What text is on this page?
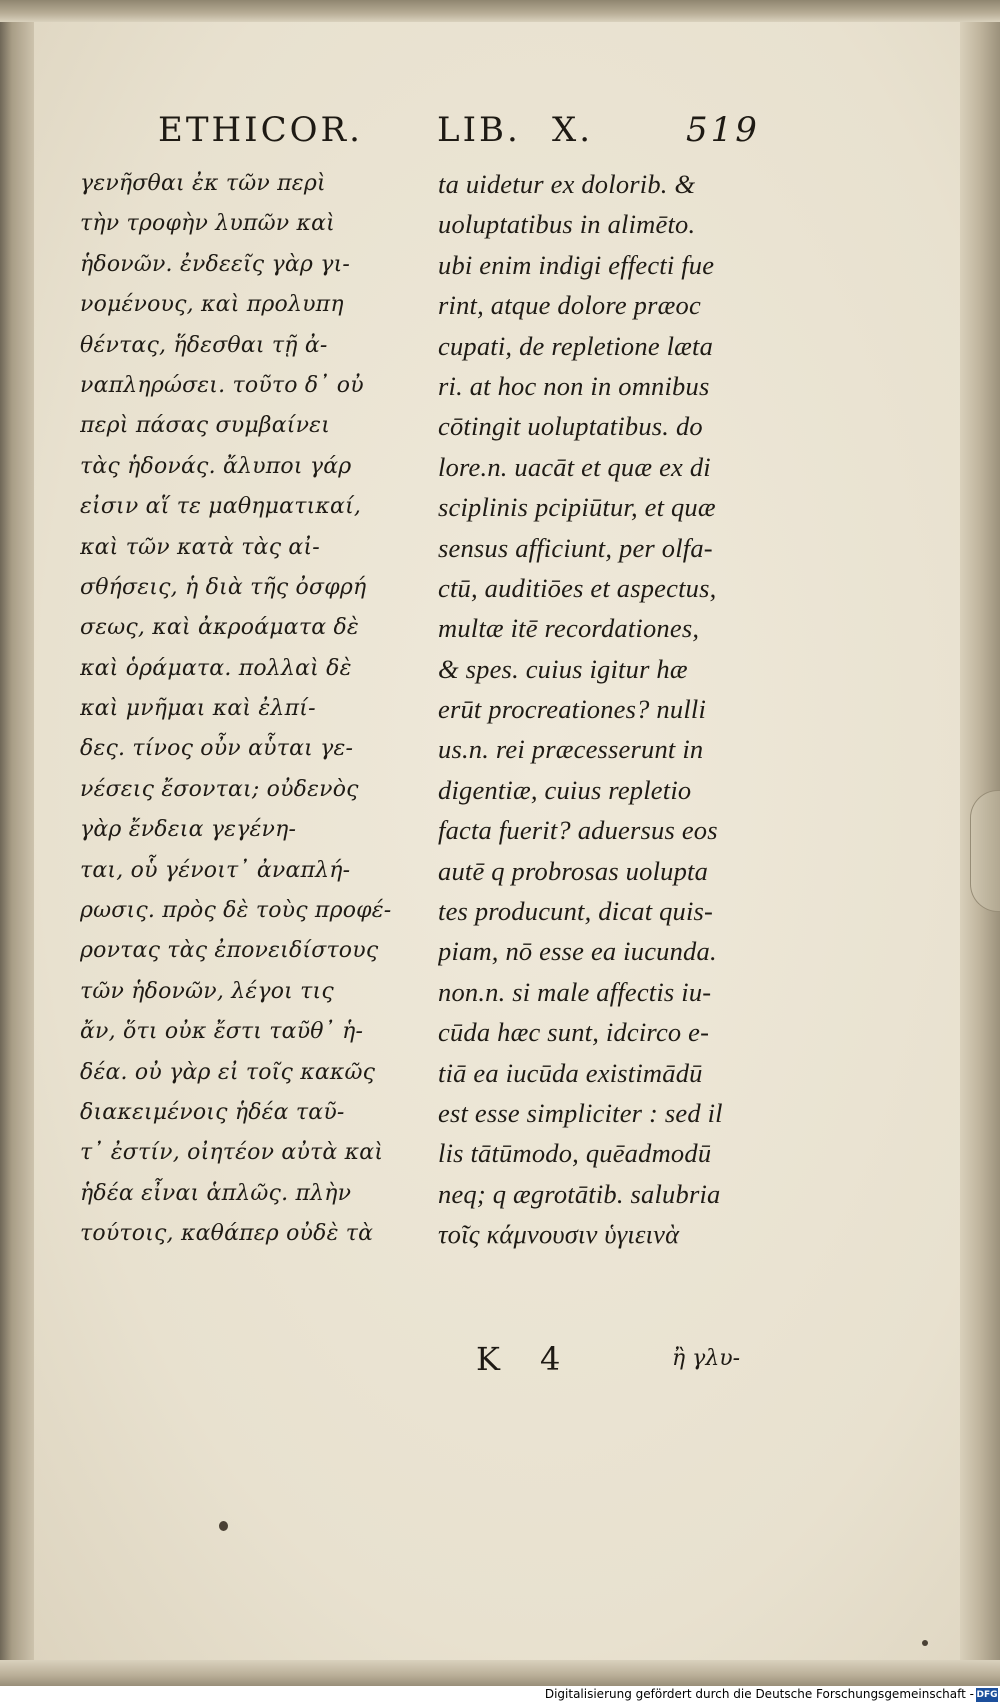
ETHICOR. LIB. X.	519
γενῆσθαι ἐκ τῶν περὶ
τὴν τροφὴν λυπῶν καὶ
ἡδονῶν. ἐνδεεῖς γὰρ γι-
νομένους, καὶ προλυπη
θέντας, ἥδεσθαι τῇ ἀ-
ναπληρώσει. τοῦτο δ᾽ οὐ
περὶ πάσας συμβαίνει
τὰς ἡδονάς. ἄλυποι γάρ
εἰσιν αἵ τε μαθηματικαί,
καὶ τῶν κατὰ τὰς αἰ-
σθήσεις, ἡ διὰ τῆς ὀσφρή
σεως, καὶ ἀκροάματα δὲ
καὶ ὁράματα. πολλαὶ δὲ
καὶ μνῆμαι καὶ ἐλπί-
δες. τίνος οὖν αὗται γε-
νέσεις ἔσονται; οὐδενὸς
γὰρ ἔνδεια γεγένη-
ται, οὗ γένοιτ᾽ ἀναπλή-
ρωσις. πρὸς δὲ τοὺς προφέ-
ροντας τὰς ἐπονειδίστους
τῶν ἡδονῶν, λέγοι τις
ἄν, ὅτι οὐκ ἔστι ταῦθ᾽ ἡ-
δέα. οὐ γὰρ εἰ τοῖς κακῶς
διακειμένοις ἡδέα ταῦ-
τ᾽ ἐστίν, οἰητέον αὐτὰ καὶ
ἡδέα εἶναι ἁπλῶς. πλὴν
τούτοις, καθάπερ οὐδὲ τὰ
ta uidetur ex dolorib. &
uoluptatibus in alimēto.
ubi enim indigi effecti fue
rint, atque dolore præoc
cupati, de repletione læta
ri. at hoc non in omnibus
cōtingit uoluptatibus. do
lore.n. uacāt et quæ ex di
sciplinis pcipiūtur, et quæ
sensus afficiunt, per olfa-
ctū, auditiōes et aspectus,
multæ itē recordationes,
& spes. cuius igitur hæ
erūt procreationes? nulli
us.n. rei præcesserunt in
digentiæ, cuius repletio
facta fuerit? aduersus eos
autē q probrosas uolupta
tes producunt, dicat quis-
piam, nō esse ea iucunda.
non.n. si male affectis iu-
cūda hæc sunt, idcirco e-
tiā ea iucūda existimādū
est esse simpliciter : sed il
lis tātūmodo, quēadmodū
neq; q ægrotātib. salubria
τοῖς κάμνουσιν ὑγιεινὰ
K 4	ἢ γλυ-
Digitalisierung gefördert durch die Deutsche Forschungsgemeinschaft - DFG
